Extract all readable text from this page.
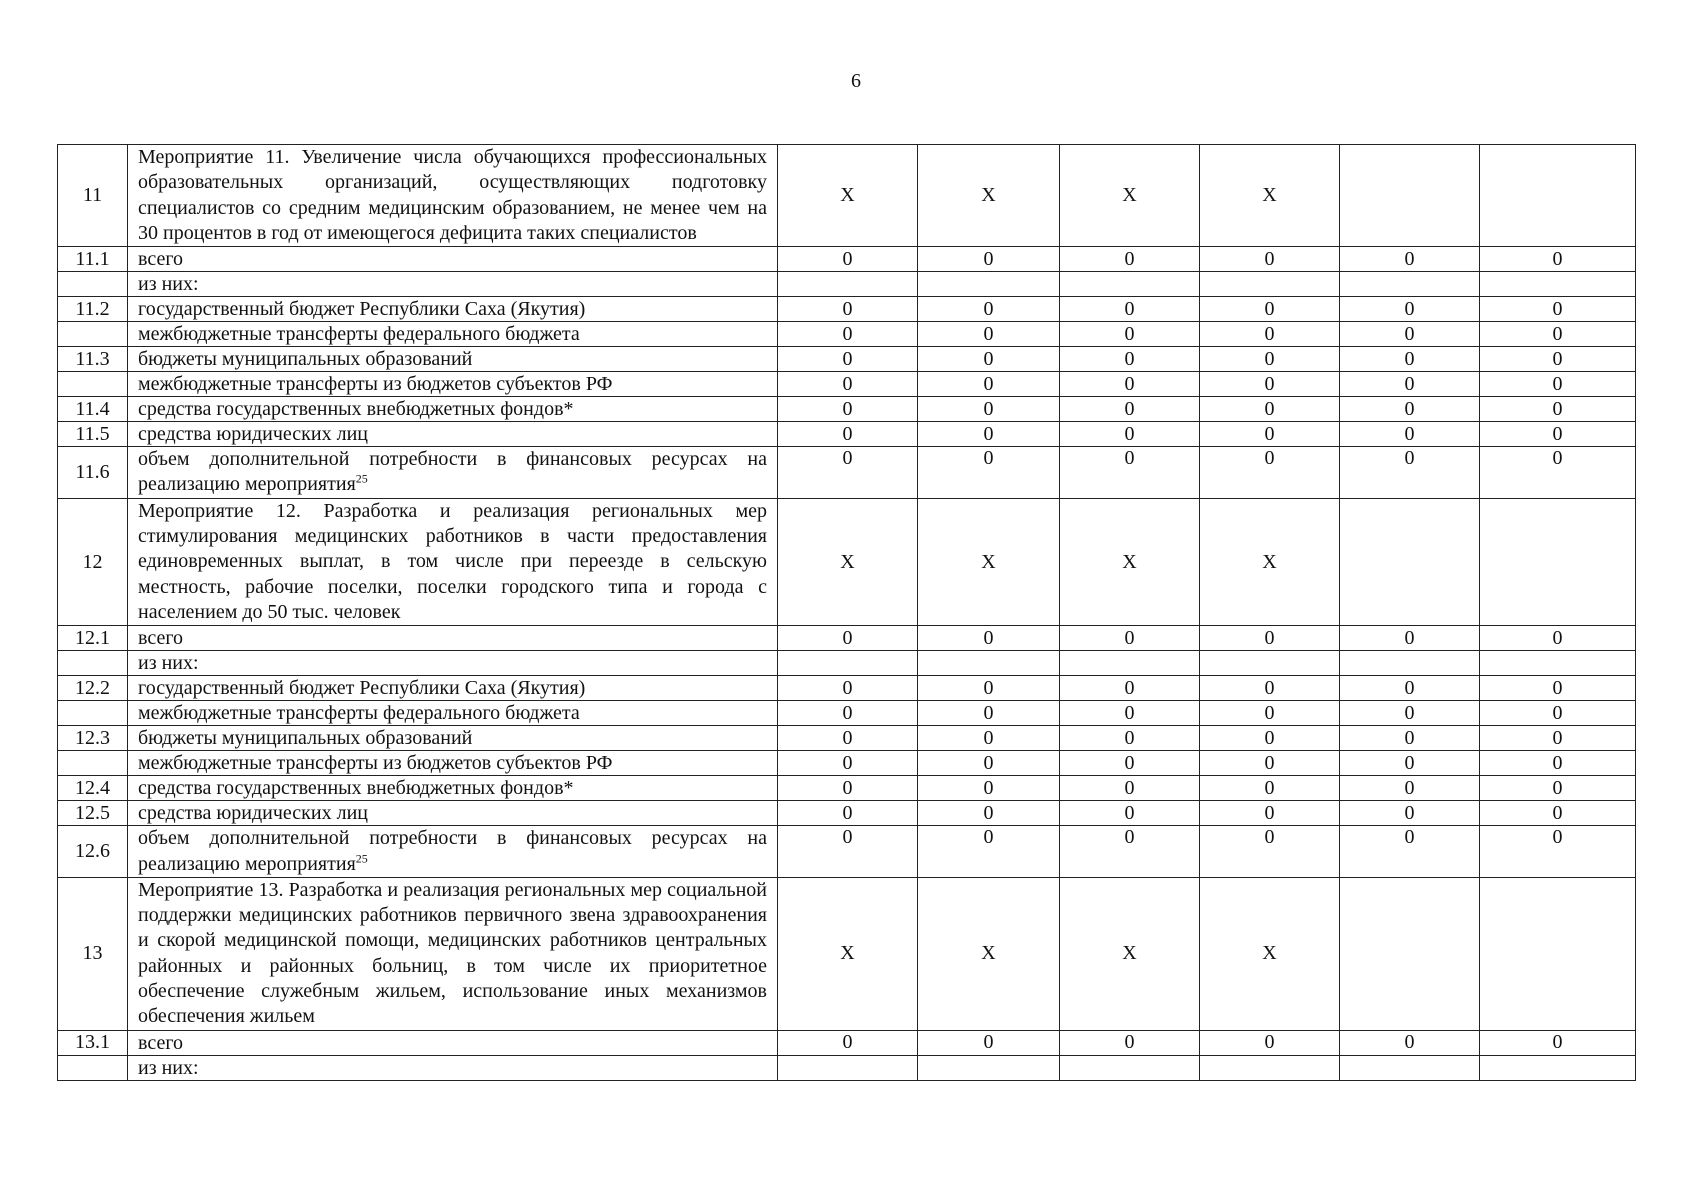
6
11	Мероприятие 11. Увеличение числа обучающихся профессиональных образовательных организаций, осуществляющих подготовку специалистов со средним медицинским образованием, не менее чем на 30 процентов в год от имеющегося дефицита таких специалистов	X	X	X	X		
11.1	всего	0	0	0	0	0	0
	из них:						
11.2	государственный бюджет Республики Саха (Якутия)	0	0	0	0	0	0
	межбюджетные трансферты федерального бюджета	0	0	0	0	0	0
11.3	бюджеты муниципальных образований	0	0	0	0	0	0
	межбюджетные трансферты из бюджетов субъектов РФ	0	0	0	0	0	0
11.4	средства государственных внебюджетных фондов*	0	0	0	0	0	0
11.5	средства юридических лиц	0	0	0	0	0	0
11.6	объем дополнительной потребности в финансовых ресурсах на реализацию мероприятия$^{25}$	0	0	0	0	0	0
12	Мероприятие 12. Разработка и реализация региональных мер стимулирования медицинских работников в части предоставления единовременных выплат, в том числе при переезде в сельскую местность, рабочие поселки, поселки городского типа и города с населением до 50 тыс. человек	X	X	X	X		
12.1	всего	0	0	0	0	0	0
	из них:						
12.2	государственный бюджет Республики Саха (Якутия)	0	0	0	0	0	0
	межбюджетные трансферты федерального бюджета	0	0	0	0	0	0
12.3	бюджеты муниципальных образований	0	0	0	0	0	0
	межбюджетные трансферты из бюджетов субъектов РФ	0	0	0	0	0	0
12.4	средства государственных внебюджетных фондов*	0	0	0	0	0	0
12.5	средства юридических лиц	0	0	0	0	0	0
12.6	объем дополнительной потребности в финансовых ресурсах на реализацию мероприятия$^{25}$	0	0	0	0	0	0
13	Мероприятие 13. Разработка и реализация региональных мер социальной поддержки медицинских работников первичного звена здравоохранения и скорой медицинской помощи, медицинских работников центральных районных и районных больниц, в том числе их приоритетное обеспечение служебным жильем, использование иных механизмов обеспечения жильем	X	X	X	X		
13.1	всего	0	0	0	0	0	0
	из них:						
